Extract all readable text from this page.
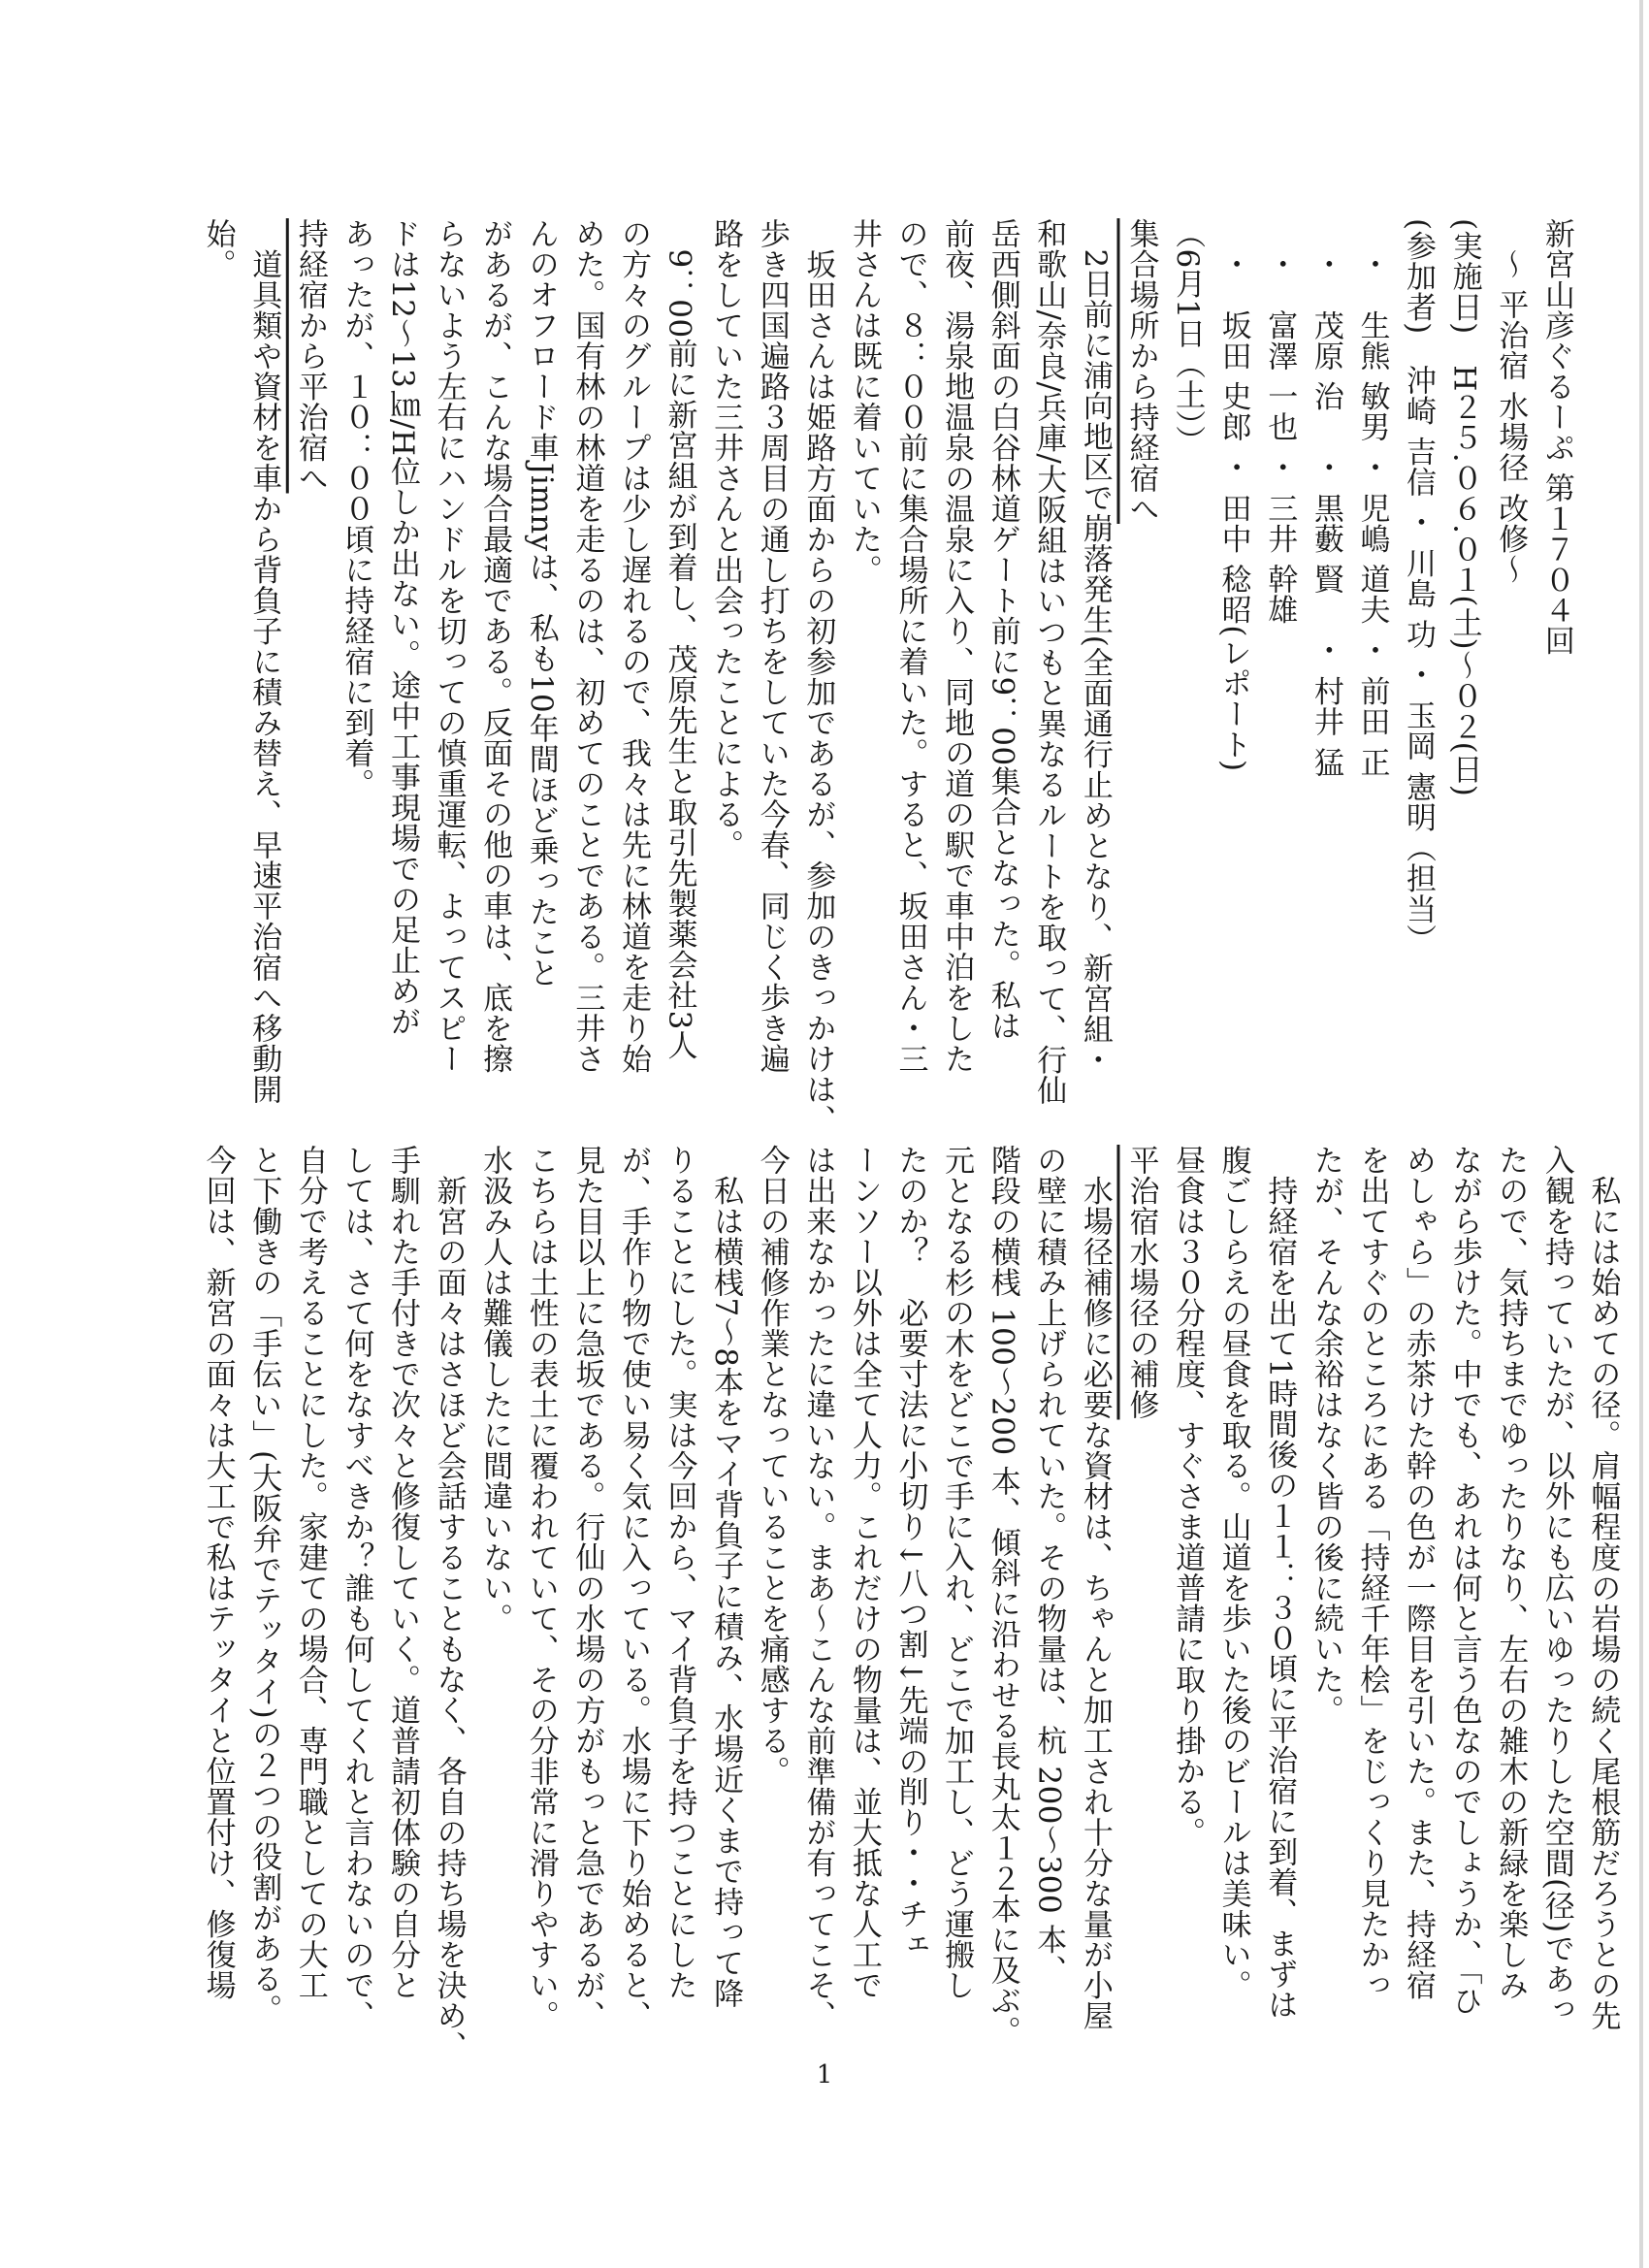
新宮山彦ぐるーぷ 第１７０４回
　～ 平治宿 水場径 改修～
(実施日)　H２５.０６.０１(土)～０２(日)
(参加者)　沖崎 吉信 ・ 川島 功 ・ 玉岡 憲明（担当）
　・　生熊 敏男 ・ 児嶋 道夫 ・ 前田 正
　・　茂原 治　 ・ 黒藪 賢 　・ 村井 猛
　・　富澤 一也 ・ 三井 幹雄
　・　坂田 史郎 ・ 田中 稔昭(レポート)
（6月1日（土））
集合場所から持経宿へ
　2日前に浦向地区で崩落発生(全面通行止めとなり、新宮組・
和歌山/奈良/兵庫/大阪組はいつもと異なるルートを取って、行仙
岳西側斜面の白谷林道ゲート前に9：00集合となった。私は
前夜、湯泉地温泉の温泉に入り、同地の道の駅で車中泊をした
ので、８：００前に集合場所に着いた。すると、坂田さん・三
井さんは既に着いていた。
　坂田さんは姫路方面からの初参加であるが、参加のきっかけは、
歩き四国遍路３周目の通し打ちをしていた今春、同じく歩き遍
路をしていた三井さんと出会ったことによる。
　9：00前に新宮組が到着し、茂原先生と取引先製薬会社3人
の方々のグループは少し遅れるので、我々は先に林道を走り始
めた。国有林の林道を走るのは、初めてのことである。三井さ
んのオフロード車Jimnyは、私も10年間ほど乗ったこと
があるが、こんな場合最適である。反面その他の車は、底を擦
らないよう左右にハンドルを切っての慎重運転、よってスピー
ドは12～13㎞/H位しか出ない。途中工事現場での足止めが
あったが、１０：００頃に持経宿に到着。
持経宿から平治宿へ
　道具類や資材を車から背負子に積み替え、早速平治宿へ移動開
始。
　私には始めての径。肩幅程度の岩場の続く尾根筋だろうとの先
入観を持っていたが、以外にも広いゆったりした空間(径)であっ
たので、気持ちまでゆったりなり、左右の雑木の新緑を楽しみ
ながら歩けた。中でも、あれは何と言う色なのでしょうか、「ひ
めしゃら」の赤茶けた幹の色が一際目を引いた。また、持経宿
を出てすぐのところにある「持経千年桧」をじっくり見たかっ
たが、そんな余裕はなく皆の後に続いた。
　持経宿を出て1時間後の１１：３０頃に平治宿に到着、まずは
腹ごしらえの昼食を取る。山道を歩いた後のビールは美味い。
昼食は３０分程度、すぐさま道普請に取り掛かる。
平治宿水場径の補修
　水場径補修に必要な資材は、ちゃんと加工され十分な量が小屋
の壁に積み上げられていた。その物量は、杭 200～300 本、
階段の横桟 100～200 本、傾斜に沿わせる長丸太１２本に及ぶ。
元となる杉の木をどこで手に入れ、どこで加工し、どう運搬し
たのか？　必要寸法に小切り↓八つ割↓先端の削り・・チェ
ーンソー以外は全て人力。これだけの物量は、並大抵な人工で
は出来なかったに違いない。まあ～こんな前準備が有ってこそ、
今日の補修作業となっていることを痛感する。
　私は横桟7～8本をマイ背負子に積み、水場近くまで持って降
りることにした。実は今回から、マイ背負子を持つことにした
が、手作り物で使い易く気に入っている。水場に下り始めると、
見た目以上に急坂である。行仙の水場の方がもっと急であるが、
こちらは土性の表土に覆われていて、その分非常に滑りやすい。
水汲み人は難儀したに間違いない。
　新宮の面々はさほど会話することもなく、各自の持ち場を決め、
手馴れた手付きで次々と修復していく。道普請初体験の自分と
しては、さて何をなすべきか？誰も何してくれと言わないので、
自分で考えることにした。家建ての場合、専門職としての大工
と下働きの「手伝い」(大阪弁でテッタイ)の２つの役割がある。
今回は、新宮の面々は大工で私はテッタイと位置付け、修復場
1
